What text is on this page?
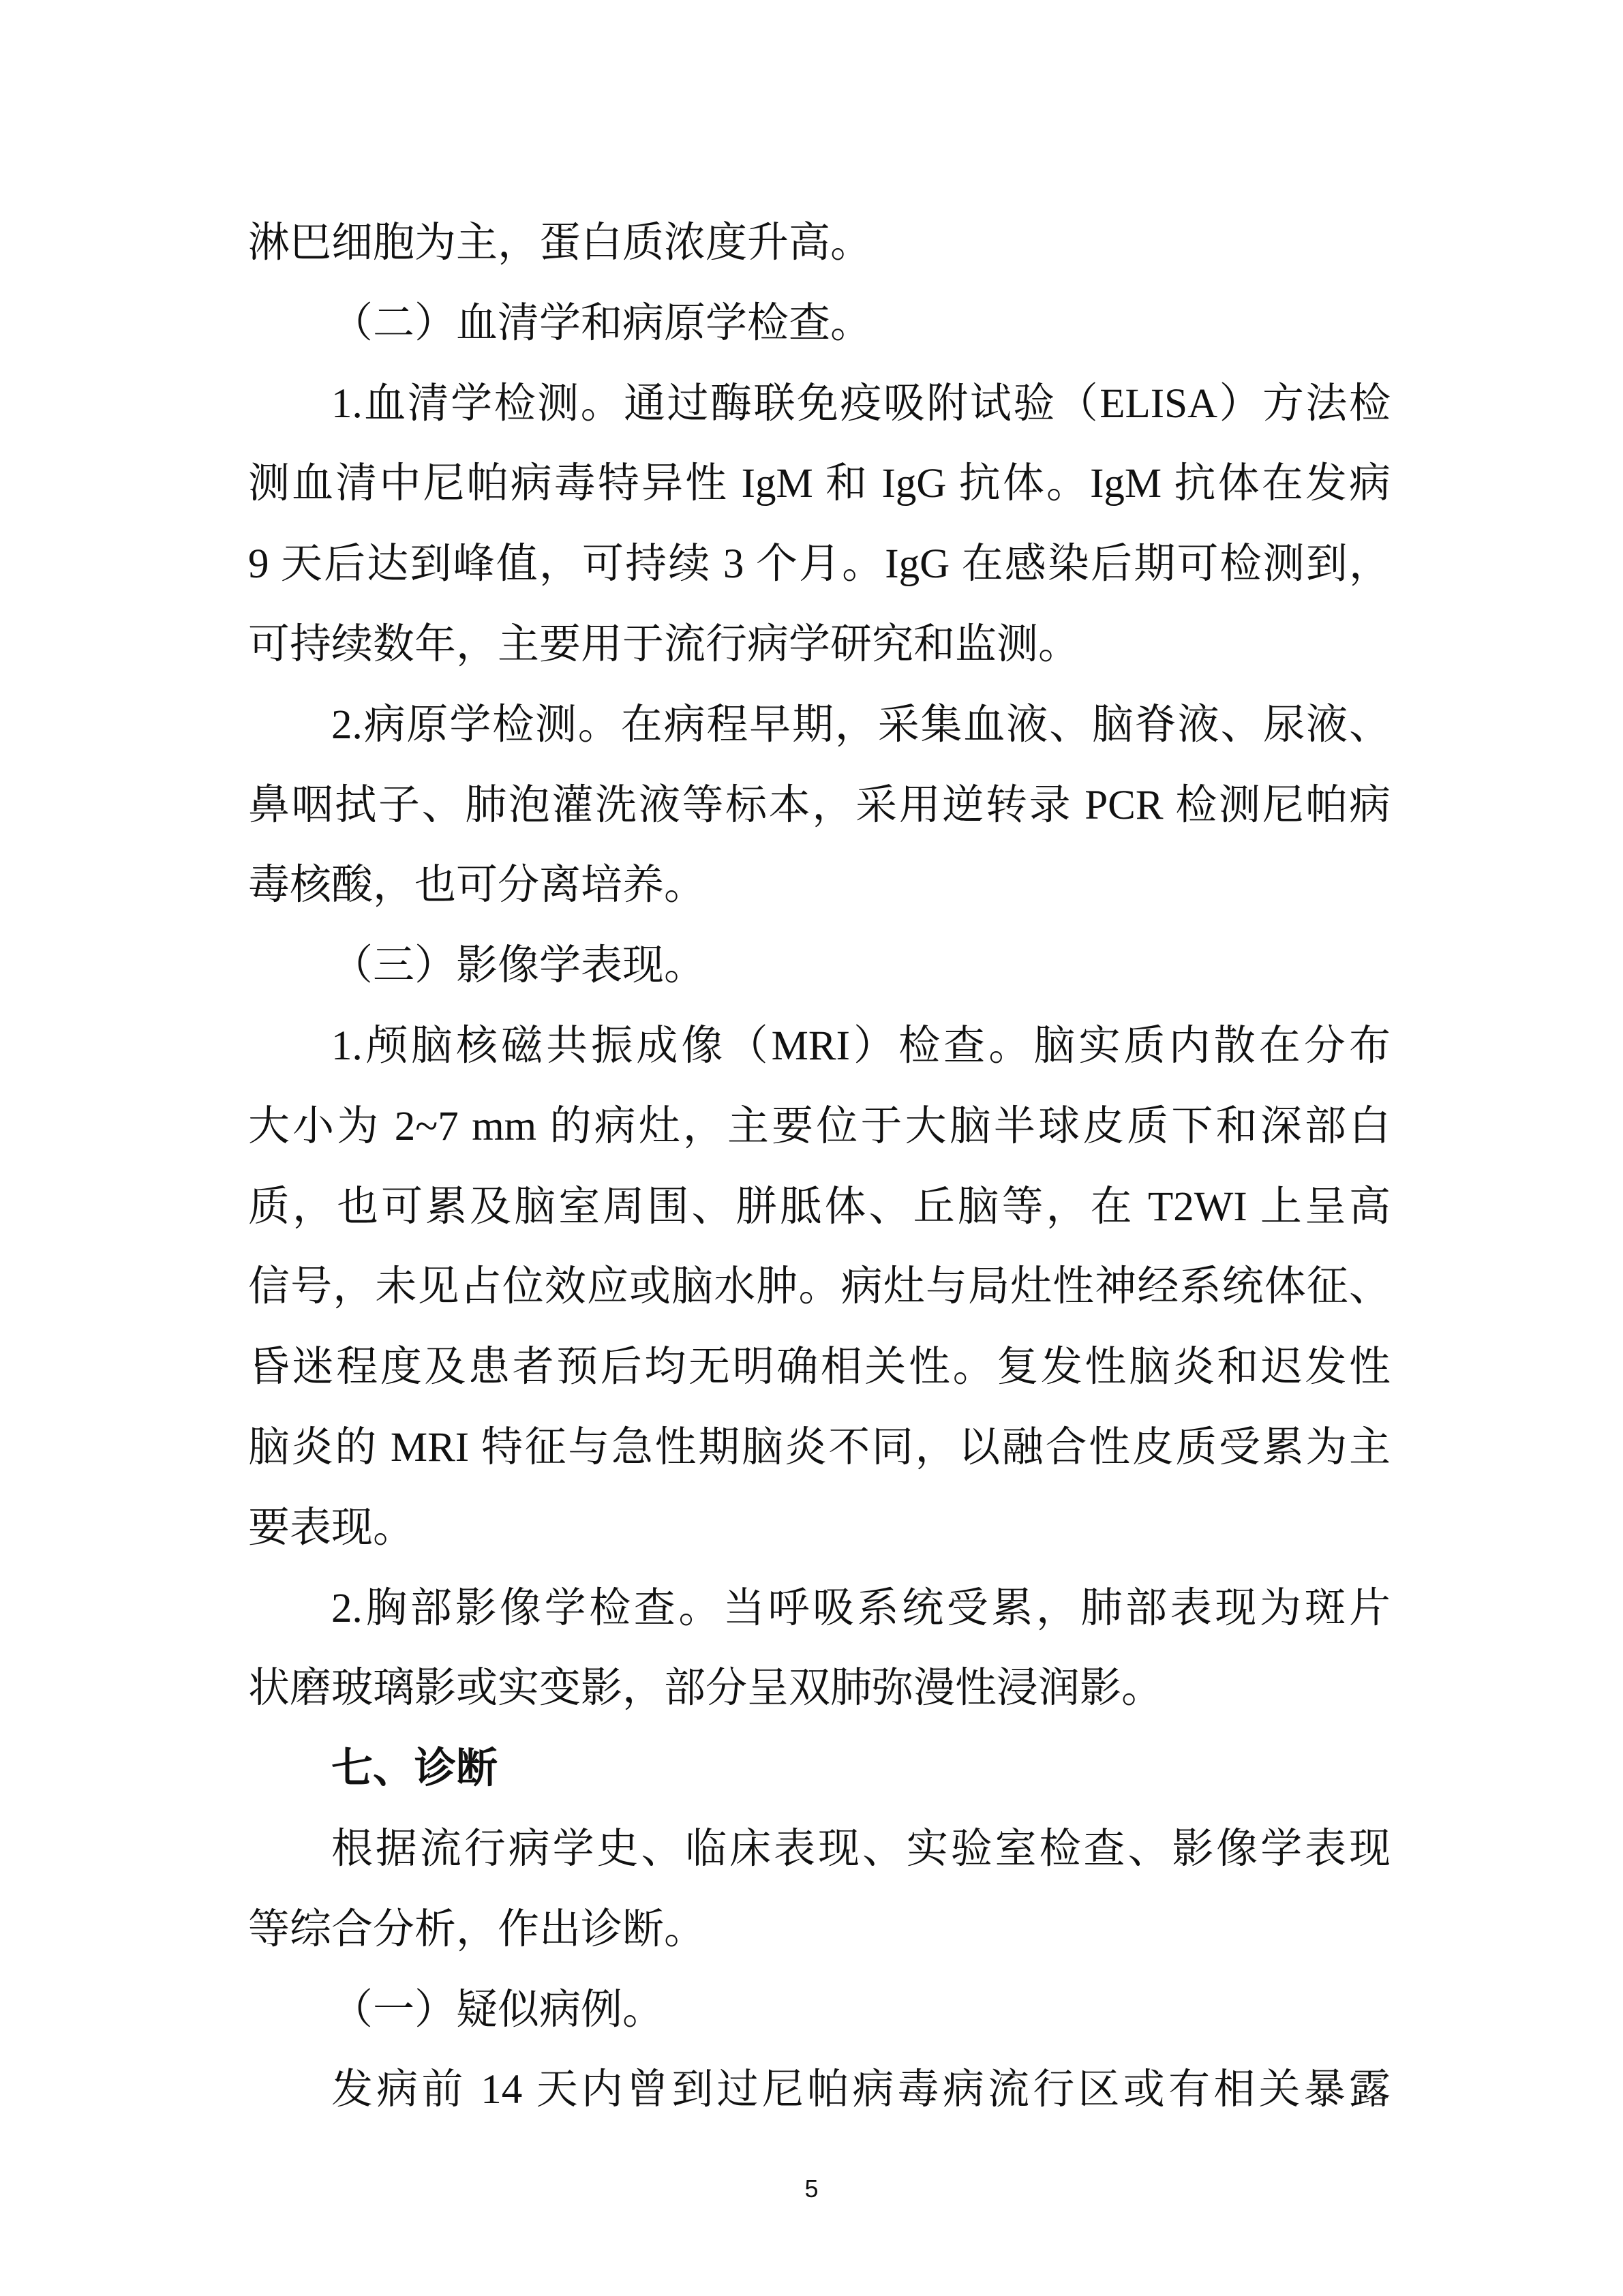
淋巴细胞为主，蛋白质浓度升高。
（二）血清学和病原学检查。
1.血清学检测。通过酶联免疫吸附试验（ELISA）方法检
测血清中尼帕病毒特异性 IgM 和 IgG 抗体。IgM 抗体在发病
9 天后达到峰值，可持续 3 个月。IgG 在感染后期可检测到，
可持续数年，主要用于流行病学研究和监测。
2.病原学检测。在病程早期，采集血液、脑脊液、尿液、
鼻咽拭子、肺泡灌洗液等标本，采用逆转录 PCR 检测尼帕病
毒核酸，也可分离培养。
（三）影像学表现。
1.颅脑核磁共振成像（MRI）检查。脑实质内散在分布
大小为 2~7 mm 的病灶，主要位于大脑半球皮质下和深部白
质，也可累及脑室周围、胼胝体、丘脑等，在 T2WI 上呈高
信号，未见占位效应或脑水肿。病灶与局灶性神经系统体征、
昏迷程度及患者预后均无明确相关性。复发性脑炎和迟发性
脑炎的 MRI 特征与急性期脑炎不同，以融合性皮质受累为主
要表现。
2.胸部影像学检查。当呼吸系统受累，肺部表现为斑片
状磨玻璃影或实变影，部分呈双肺弥漫性浸润影。
七、诊断
根据流行病学史、临床表现、实验室检查、影像学表现
等综合分析，作出诊断。
（一）疑似病例。
发病前 14 天内曾到过尼帕病毒病流行区或有相关暴露
5
